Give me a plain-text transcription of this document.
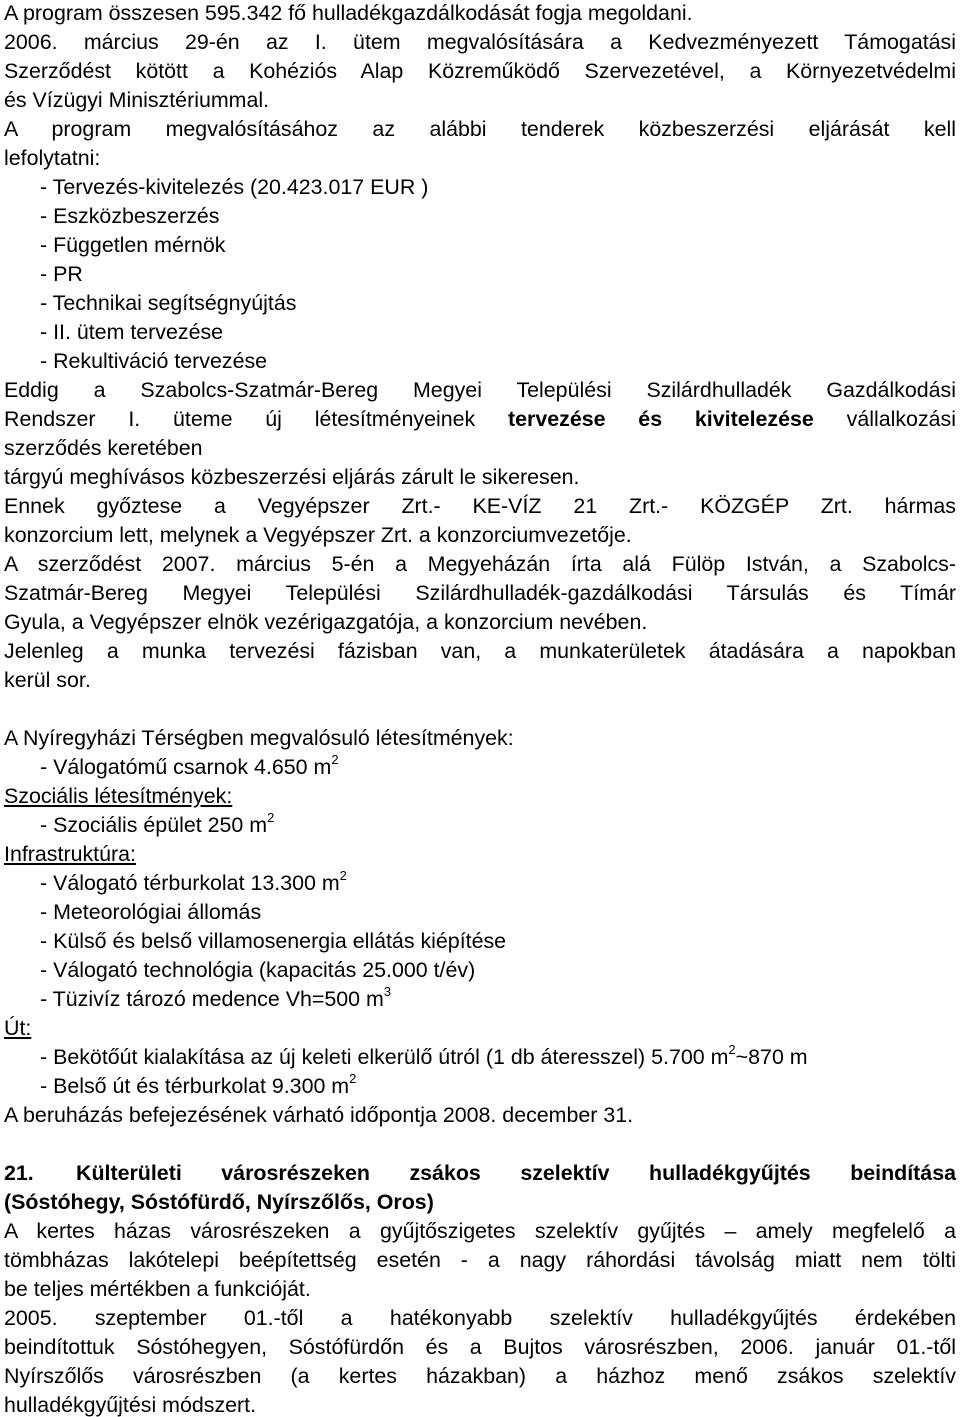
A program összesen 595.342 fő hulladékgazdálkodását fogja megoldani.
2006. március 29-én az I. ütem megvalósítására a Kedvezményezett Támogatási
Szerződést kötött a Kohéziós Alap Közreműködő Szervezetével, a Környezetvédelmi
és Vízügyi Minisztériummal.
A program megvalósításához az alábbi tenderek közbeszerzési eljárását kell
lefolytatni:
- Tervezés-kivitelezés (20.423.017 EUR )
- Eszközbeszerzés
- Független mérnök
- PR
- Technikai segítségnyújtás
- II. ütem tervezése
- Rekultiváció tervezése
Eddig a Szabolcs-Szatmár-Bereg Megyei Települési Szilárdhulladék Gazdálkodási
Rendszer I. üteme új létesítményeinek tervezése és kivitelezése vállalkozási
szerződés keretében
tárgyú meghívásos közbeszerzési eljárás zárult le sikeresen.
Ennek győztese a Vegyépszer Zrt.- KE-VÍZ 21 Zrt.- KÖZGÉP Zrt. hármas
konzorcium lett, melynek a Vegyépszer Zrt. a konzorciumvezetője.
A szerződést 2007. március 5-én a Megyeházán írta alá Fülöp István, a Szabolcs-
Szatmár-Bereg Megyei Települési Szilárdhulladék-gazdálkodási Társulás és Tímár
Gyula, a Vegyépszer elnök vezérigazgatója, a konzorcium nevében.
Jelenleg a munka tervezési fázisban van, a munkaterületek átadására a napokban
kerül sor.
A Nyíregyházi Térségben megvalósuló létesítmények:
- Válogatómű csarnok 4.650 $m^2$
Szociális létesítmények:
- Szociális épület 250 $m^2$
Infrastruktúra:
- Válogató térburkolat 13.300 $m^2$
- Meteorológiai állomás
- Külső és belső villamosenergia ellátás kiépítése
- Válogató technológia (kapacitás 25.000 t/év)
- Tüzivíz tározó medence Vh=500 $m^3$
Út:
- Bekötőút kialakítása az új keleti elkerülő útról (1 db áteresszel) 5.700 $m^2\sim 870$ m
- Belső út és térburkolat 9.300 $m^2$
A beruházás befejezésének várható időpontja 2008. december 31.
21. Külterületi városrészeken zsákos szelektív hulladékgyűjtés beindítása
(Sóstóhegy, Sóstófürdő, Nyírszőlős, Oros)
A kertes házas városrészeken a gyűjtőszigetes szelektív gyűjtés – amely megfelelő a
tömbházas lakótelepi beépítettség esetén - a nagy ráhordási távolság miatt nem tölti
be teljes mértékben a funkcióját.
2005. szeptember 01.-től a hatékonyabb szelektív hulladékgyűjtés érdekében
beindítottuk Sóstóhegyen, Sóstófürdőn és a Bujtos városrészben, 2006. január 01.-től
Nyírszőlős városrészben (a kertes házakban) a házhoz menő zsákos szelektív
hulladékgyűjtési módszert.
